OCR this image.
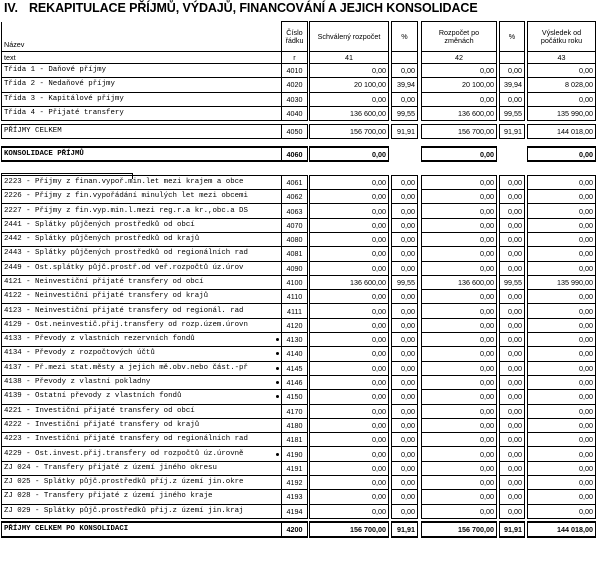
IV. REKAPITULACE PŘÍJMŮ, VÝDAJŮ, FINANCOVÁNÍ A JEJICH KONSOLIDACE
Název	Číslo řádku		Schválený rozpočet		%		Rozpočet po změnách		%		Výsledek od počátku roku
text	r		41				42				43
Třída 1 - Daňové příjmy	4010		0,00		0,00		0,00		0,00		0,00
Třída 2 - Nedaňové příjmy	4020		20 100,00		39,94		20 100,00		39,94		8 028,00
Třída 3 - Kapitálové příjmy	4030		0,00		0,00		0,00		0,00		0,00
Třída 4 - Přijaté transfery	4040		136 600,00		99,55		136 600,00		99,55		135 990,00

PŘÍJMY CELKEM	4050		156 700,00		91,91		156 700,00		91,91		144 018,00

KONSOLIDACE PŘÍJMŮ	4060		0,00				0,00				0,00

2223 - Příjmy z finan.vypoř.min.let mezi krajem a obce	4061		0,00		0,00		0,00		0,00		0,00
2226 - Příjmy z fin.vypořádání minulých let mezi obcemi	4062		0,00		0,00		0,00		0,00		0,00
2227 - Příjmy z fin.vyp.min.l.mezi reg.r.a kr.,obc.a DS	4063		0,00		0,00		0,00		0,00		0,00
2441 - Splátky půjčených prostředků od obcí	4070		0,00		0,00		0,00		0,00		0,00
2442 - Splátky půjčených prostředků od krajů	4080		0,00		0,00		0,00		0,00		0,00
2443 - Splátky půjčených prostředků od regionálních rad	4081		0,00		0,00		0,00		0,00		0,00
2449 - Ost.splátky půjč.prostř.od veř.rozpočtů úz.úrov	4090		0,00		0,00		0,00		0,00		0,00
4121 - Neinvestiční přijaté transfery od obcí	4100		136 600,00		99,55		136 600,00		99,55		135 990,00
4122 - Neinvestiční přijaté transfery od krajů	4110		0,00		0,00		0,00		0,00		0,00
4123 - Neinvestiční přijaté transfery od regionál. rad	4111		0,00		0,00		0,00		0,00		0,00
4129 - Ost.neinvestič.přij.transfery od rozp.územ.úrovn	4120		0,00		0,00		0,00		0,00		0,00
4133 - Převody z vlastních rezervních fondů	4130		0,00		0,00		0,00		0,00		0,00
4134 - Převody z rozpočtových účtů	4140		0,00		0,00		0,00		0,00		0,00
4137 - Př.mezi stat.městy a jejich mě.obv.nebo část.-př	4145		0,00		0,00		0,00		0,00		0,00
4138 - Převody z vlastní pokladny	4146		0,00		0,00		0,00		0,00		0,00
4139 - Ostatní převody z vlastních fondů	4150		0,00		0,00		0,00		0,00		0,00
4221 - Investiční přijaté transfery od obcí	4170		0,00		0,00		0,00		0,00		0,00
4222 - Investiční přijaté transfery od krajů	4180		0,00		0,00		0,00		0,00		0,00
4223 - Investiční přijaté transfery od regionálních rad	4181		0,00		0,00		0,00		0,00		0,00
4229 - Ost.invest.přij.transfery od rozpočtů úz.úrovně	4190		0,00		0,00		0,00		0,00		0,00
ZJ 024 - Transfery přijaté z území jiného okresu	4191		0,00		0,00		0,00		0,00		0,00
ZJ 025 - Splátky půjč.prostředků příj.z území jin.okre	4192		0,00		0,00		0,00		0,00		0,00
ZJ 028 - Transfery přijaté z území jiného kraje	4193		0,00		0,00		0,00		0,00		0,00
ZJ 029 - Splátky půjč.prostředků přij.z území jin.kraj	4194		0,00		0,00		0,00		0,00		0,00

PŘÍJMY CELKEM PO KONSOLIDACI	4200		156 700,00		91,91		156 700,00		91,91		144 018,00
